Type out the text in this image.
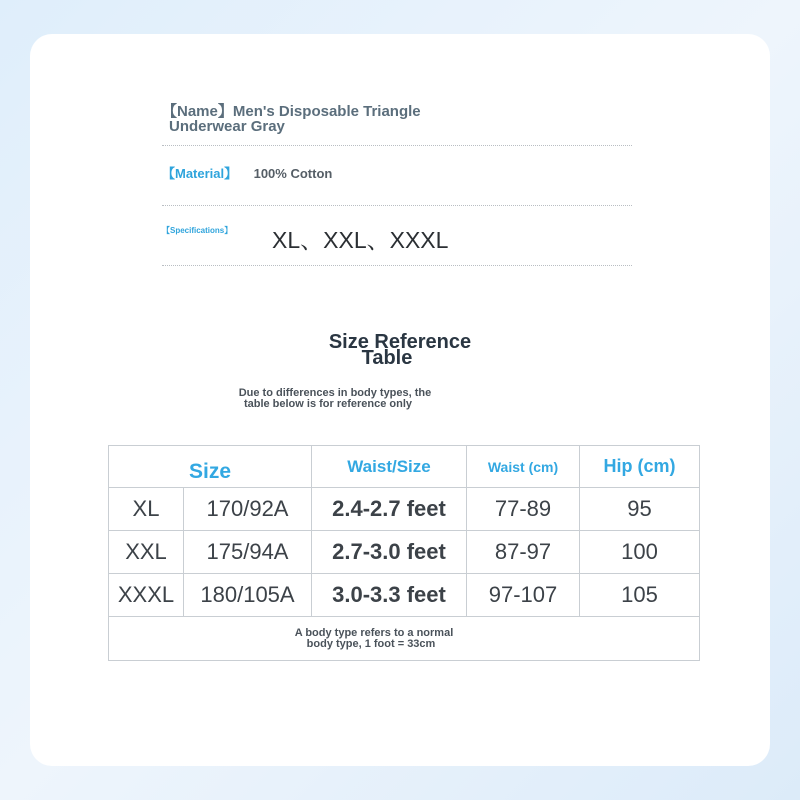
【Name】Men's Disposable Triangle
Underwear Gray
【Material】 100% Cotton
【Specifications】 XL、XXL、XXXL
Size Reference
Table
Due to differences in body types, the
table below is for reference only
Size		Waist/Size	Waist (cm)	Hip (cm)
XL	170/92A	2.4-2.7 feet	77-89	95
XXL	175/94A	2.7-3.0 feet	87-97	100
XXXL	180/105A	3.0-3.3 feet	97-107	105

A body type refers to a normal
body type, 1 foot = 33cm				
